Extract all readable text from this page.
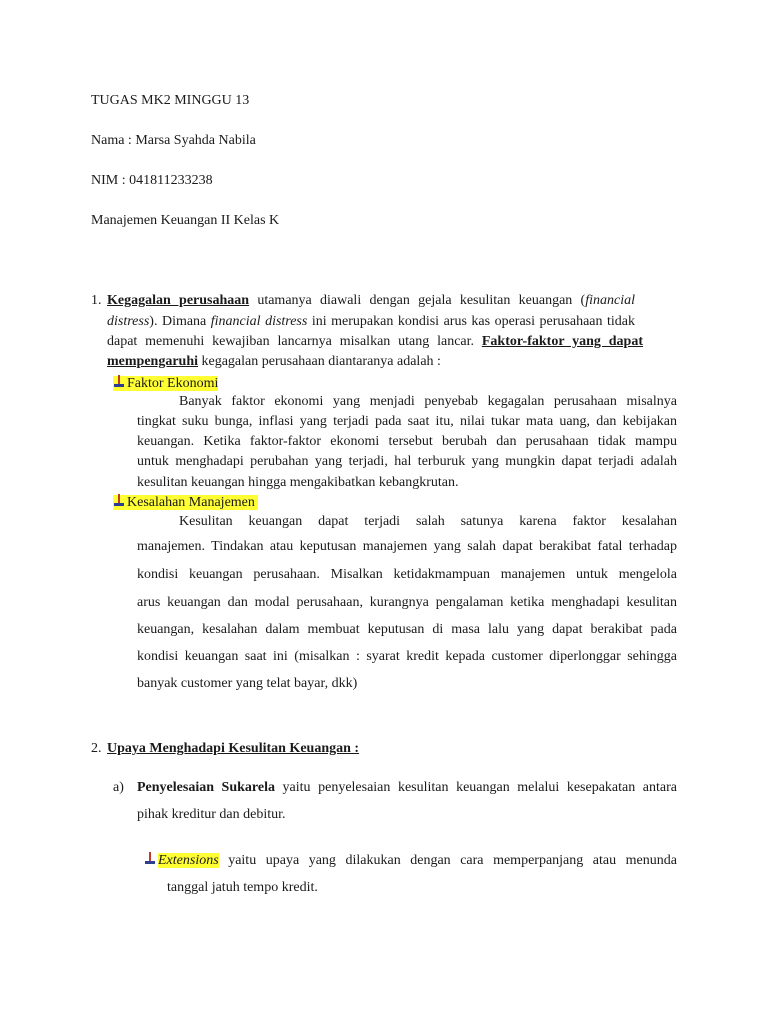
TUGAS MK2 MINGGU 13
Nama : Marsa Syahda Nabila
NIM : 041811233238
Manajemen Keuangan II Kelas K
1. Kegagalan perusahaan utamanya diawali dengan gejala kesulitan keuangan (financial
distress). Dimana financial distress ini merupakan kondisi arus kas operasi perusahaan tidak
dapat memenuhi kewajiban lancarnya misalkan utang lancar. Faktor-faktor yang dapat
mempengaruhi kegagalan perusahaan diantaranya adalah :
Faktor Ekonomi
Banyak faktor ekonomi yang menjadi penyebab kegagalan perusahaan misalnya
tingkat suku bunga, inflasi yang terjadi pada saat itu, nilai tukar mata uang, dan kebijakan
keuangan. Ketika faktor-faktor ekonomi tersebut berubah dan perusahaan tidak mampu
untuk menghadapi perubahan yang terjadi, hal terburuk yang mungkin dapat terjadi adalah
kesulitan keuangan hingga mengakibatkan kebangkrutan.
Kesalahan Manajemen
Kesulitan keuangan dapat terjadi salah satunya karena faktor kesalahan
manajemen. Tindakan atau keputusan manajemen yang salah dapat berakibat fatal terhadap
kondisi keuangan perusahaan. Misalkan ketidakmampuan manajemen untuk mengelola
arus keuangan dan modal perusahaan, kurangnya pengalaman ketika menghadapi kesulitan
keuangan, kesalahan dalam membuat keputusan di masa lalu yang dapat berakibat pada
kondisi keuangan saat ini (misalkan : syarat kredit kepada customer diperlonggar sehingga
banyak customer yang telat bayar, dkk)
2. Upaya Menghadapi Kesulitan Keuangan :
a) Penyelesaian Sukarela yaitu penyelesaian kesulitan keuangan melalui kesepakatan antara
pihak kreditur dan debitur.
Extensions yaitu upaya yang dilakukan dengan cara memperpanjang atau menunda
tanggal jatuh tempo kredit.
